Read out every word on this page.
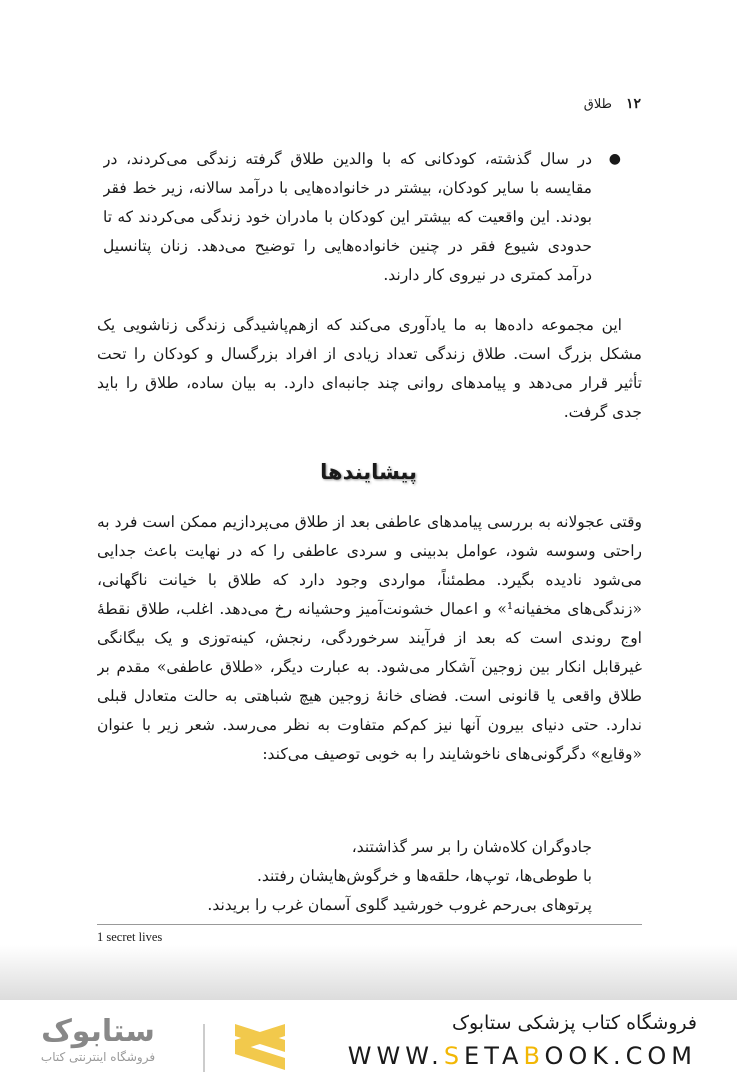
۱۲
طلاق
●
در سال گذشته، کودکانی که با والدین طلاق گرفته زندگی می‌کردند، در
مقایسه با سایر کودکان، بیشتر در خانواده‌هایی با درآمد سالانه، زیر خط فقر
بودند. این واقعیت که بیشتر این کودکان با مادران خود زندگی می‌کردند که تا
حدودی شیوع فقر در چنین خانواده‌هایی را توضیح می‌دهد. زنان پتانسیل
درآمد کمتری در نیروی کار دارند.
این مجموعه داده‌ها به ما یادآوری می‌کند که ازهم‌پاشیدگی زندگی زناشویی یک
مشکل بزرگ است. طلاق زندگی تعداد زیادی از افراد بزرگسال و کودکان را تحت
تأثیر قرار می‌دهد و پیامدهای روانی چند جانبه‌ای دارد. به بیان ساده، طلاق را باید
جدی گرفت.
پیشایندها
وقتی عجولانه به بررسی پیامدهای عاطفی بعد از طلاق می‌پردازیم ممکن است فرد به
راحتی وسوسه شود، عوامل بدبینی و سردی عاطفی را که در نهایت باعث جدایی
می‌شود نادیده بگیرد. مطمئناً، مواردی وجود دارد که طلاق با خیانت ناگهانی،
«زندگی‌های مخفیانه¹» و اعمال خشونت‌آمیز وحشیانه رخ می‌دهد. اغلب، طلاق نقطهٔ
اوج روندی است که بعد از فرآیند سرخوردگی، رنجش، کینه‌توزی و یک بیگانگی
غیرقابل انکار بین زوجین آشکار می‌شود. به عبارت دیگر، «طلاق عاطفی» مقدم بر
طلاق واقعی یا قانونی است. فضای خانهٔ زوجین هیچ شباهتی به حالت متعادل قبلی
ندارد. حتی دنیای بیرون آنها نیز کم‌کم متفاوت به نظر می‌رسد. شعر زیر با عنوان
«وقایع» دگرگونی‌های ناخوشایند را به خوبی توصیف می‌کند:
جادوگران کلاه‌شان را بر سر گذاشتند،
با طوطی‌ها، توپ‌ها، حلقه‌ها و خرگوش‌هایشان رفتند.
پرتوهای بی‌رحم غروب خورشید گلوی آسمان غرب را بریدند.
1 secret lives
ستابوک
فروشگاه اینترنتی کتاب
فروشگاه کتاب پزشکی ستابوک
WWW.SETABOOK.COM
